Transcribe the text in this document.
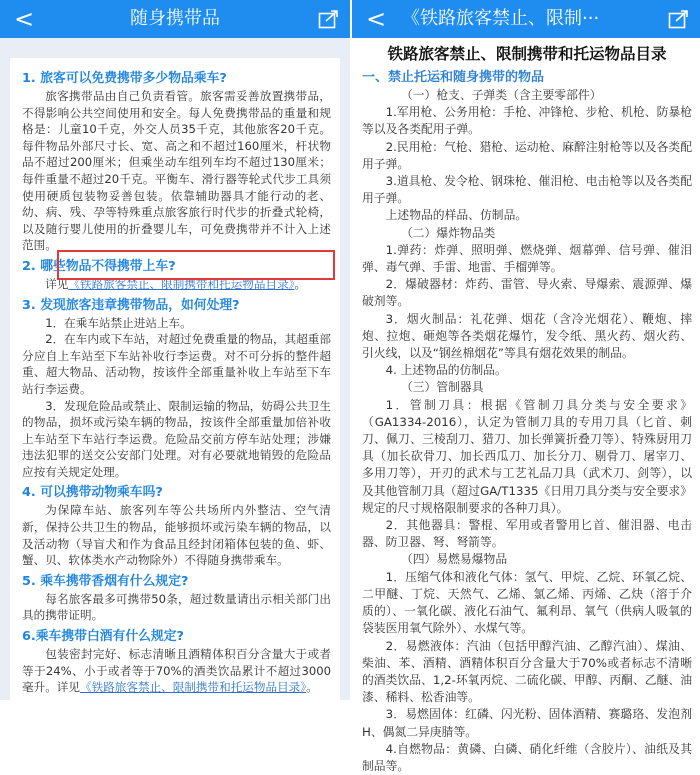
<	随身携带品
1. 旅客可以免费携带多少物品乘车?

旅客携带品由自己负责看管。旅客需妥善放置携带品，不得影响公共空间使用和安全。每人免费携带品的重量和规格是：儿童10千克，外交人员35千克，其他旅客20千克。每件物品外部尺寸长、宽、高之和不超过160厘米，杆状物品不超过200厘米；但乘坐动车组列车均不超过130厘米；每件重量不超过20千克。平衡车、滑行器等轮式代步工具须使用硬质包装物妥善包装。依靠辅助器具才能行动的老、幼、病、残、孕等特殊重点旅客旅行时代步的折叠式轮椅，以及随行婴儿使用的折叠婴儿车，可免费携带并不计入上述范围。

2. 哪些物品不得携带上车?

详见《铁路旅客禁止、限制携带和托运物品目录》。

3. 发现旅客违章携带物品，如何处理?

1．在乘车站禁止进站上车。

2．在车内或下车站，对超过免费重量的物品，其超重部分应自上车站至下车站补收行李运费。对不可分拆的整件超重、超大物品、活动物，按该件全部重量补收上车站至下车站行李运费。

3．发现危险品或禁止、限制运输的物品，妨碍公共卫生的物品，损坏或污染车辆的物品，按该件全部重量加倍补收上车站至下车站行李运费。危险品交前方停车站处理；涉嫌违法犯罪的送交公安部门处理。对有必要就地销毁的危险品应按有关规定处理。

4. 可以携带动物乘车吗?

为保障车站、旅客列车等公共场所内外整洁、空气清新，保持公共卫生的物品，能够损坏或污染车辆的物品，以及活动物（导盲犬和作为食品且经封闭箱体包装的鱼、虾、蟹、贝、软体类水产动物除外）不得随身携带乘车。

5. 乘车携带香烟有什么规定?

每名旅客最多可携带50条，超过数量请出示相关部门出具的携带证明。

6.乘车携带白酒有什么规定?

包装密封完好、标志清晰且酒精体积百分含量大于或者等于24%、小于或者等于70%的酒类饮品累计不超过3000毫升。详见《铁路旅客禁止、限制携带和托运物品目录》。

< 《铁路旅客禁止、限制···
铁路旅客禁止、限制携带和托运物品目录
一、禁止托运和随身携带的物品
（一）枪支、子弹类（含主要零部件）

1.军用枪、公务用枪：手枪、冲锋枪、步枪、机枪、防暴枪等以及各类配用子弹。

2.民用枪：气枪、猎枪、运动枪、麻醉注射枪等以及各类配用子弹。

3.道具枪、发令枪、钢珠枪、催泪枪、电击枪等以及各类配用子弹。

上述物品的样品、仿制品。

（二）爆炸物品类

1.弹药：炸弹、照明弹、燃烧弹、烟幕弹、信号弹、催泪弹、毒气弹、手雷、地雷、手榴弹等。

2．爆破器材：炸药、雷管、导火索、导爆索、震源弹、爆破剂等。

3．烟火制品：礼花弹、烟花（含冷光烟花）、鞭炮、摔炮、拉炮、砸炮等各类烟花爆竹，发令纸、黑火药、烟火药、引火线，以及“钢丝棉烟花”等具有烟花效果的制品。

4. 上述物品的仿制品。

（三）管制器具

1．管制刀具：根据《管制刀具分类与安全要求》（GA1334-2016），认定为管制刀具的专用刀具（匕首、刺刀、佩刀、三棱刮刀、猎刀、加长弹簧折叠刀等）、特殊厨用刀具（加长砍骨刀、加长西瓜刀、加长分刀、剔骨刀、屠宰刀、多用刀等），开刃的武术与工艺礼品刀具（武术刀、剑等），以及其他管制刀具（超过GA/T1335《日用刀具分类与安全要求》规定的尺寸规格限制要求的各种刀具）。

2．其他器具：警棍、军用或者警用匕首、催泪器、电击器、防卫器、弩、弩箭等。

（四）易燃易爆物品

1．压缩气体和液化气体：氢气、甲烷、乙烷、环氧乙烷、二甲醚、丁烷、天然气、乙烯、氯乙烯、丙烯、乙炔（溶于介质的）、一氧化碳、液化石油气、氟利昂、氧气（供病人吸氧的袋装医用氧气除外）、水煤气等。

2．易燃液体：汽油（包括甲醇汽油、乙醇汽油）、煤油、柴油、苯、酒精、酒精体积百分含量大于70%或者标志不清晰的酒类饮品、1,2-环氧丙烷、二硫化碳、甲醇、丙酮、乙醚、油漆、稀料、松香油等。

3．易燃固体：红磷、闪光粉、固体酒精、赛璐珞、发泡剂H、偶氮二异庚腈等。

4.自燃物品：黄磷、白磷、硝化纤维（含胶片）、油纸及其制品等。
